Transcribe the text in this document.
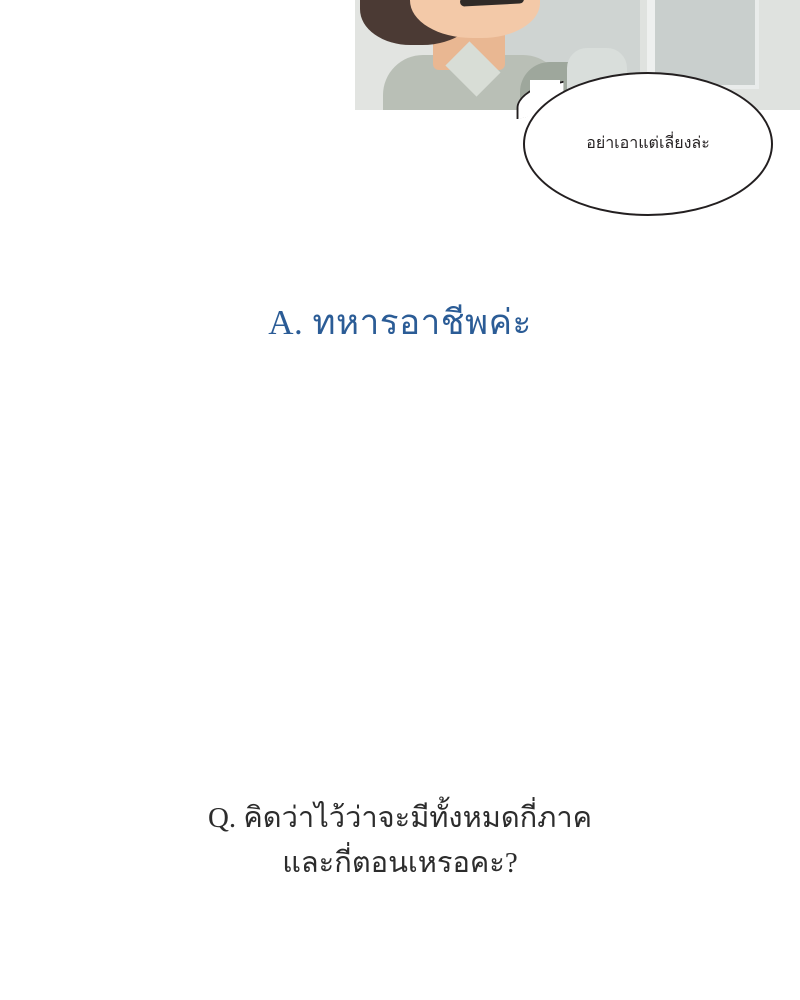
อย่าเอาแต่เลี่ยงล่ะ
A. ทหารอาชีพค่ะ
Q. คิดว่าไว้ว่าจะมีทั้งหมดกี่ภาค
และกี่ตอนเหรอคะ?
